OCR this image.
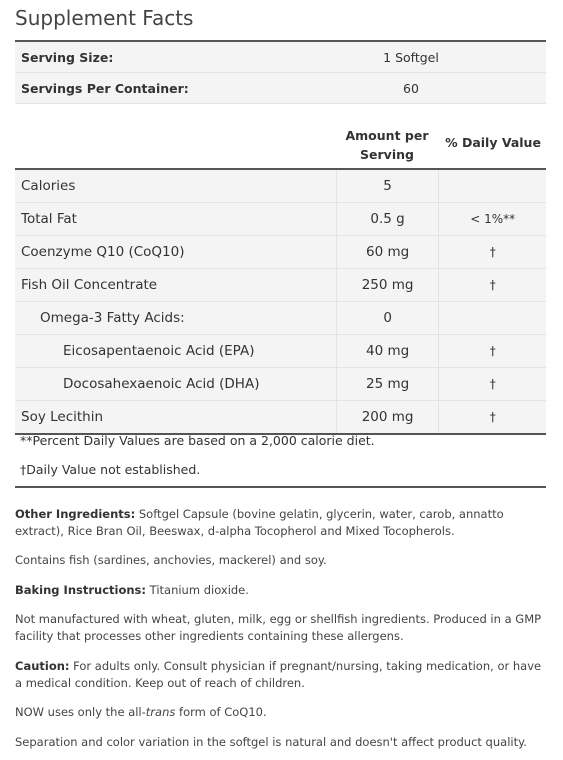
Supplement Facts
Serving Size:	1 Softgel
Servings Per Container:	60
Amount per
Serving
% Daily Value
Calories	5
Total Fat	0.5 g	< 1%**
Coenzyme Q10 (CoQ10)	60 mg	†
Fish Oil Concentrate	250 mg	†
Omega-3 Fatty Acids:	0
Eicosapentaenoic Acid (EPA)	40 mg	†
Docosahexaenoic Acid (DHA)	25 mg	†
Soy Lecithin	200 mg	†
**Percent Daily Values are based on a 2,000 calorie diet.
†Daily Value not established.

Other Ingredients: Softgel Capsule (bovine gelatin, glycerin, water, carob, annatto extract), Rice Bran Oil, Beeswax, d-alpha Tocopherol and Mixed Tocopherols.

Contains fish (sardines, anchovies, mackerel) and soy.

Baking Instructions: Titanium dioxide.

Not manufactured with wheat, gluten, milk, egg or shellfish ingredients. Produced in a GMP facility that processes other ingredients containing these allergens.

Caution: For adults only. Consult physician if pregnant/nursing, taking medication, or have a medical condition. Keep out of reach of children.

NOW uses only the all-trans form of CoQ10.

Separation and color variation in the softgel is natural and doesn't affect product quality.
